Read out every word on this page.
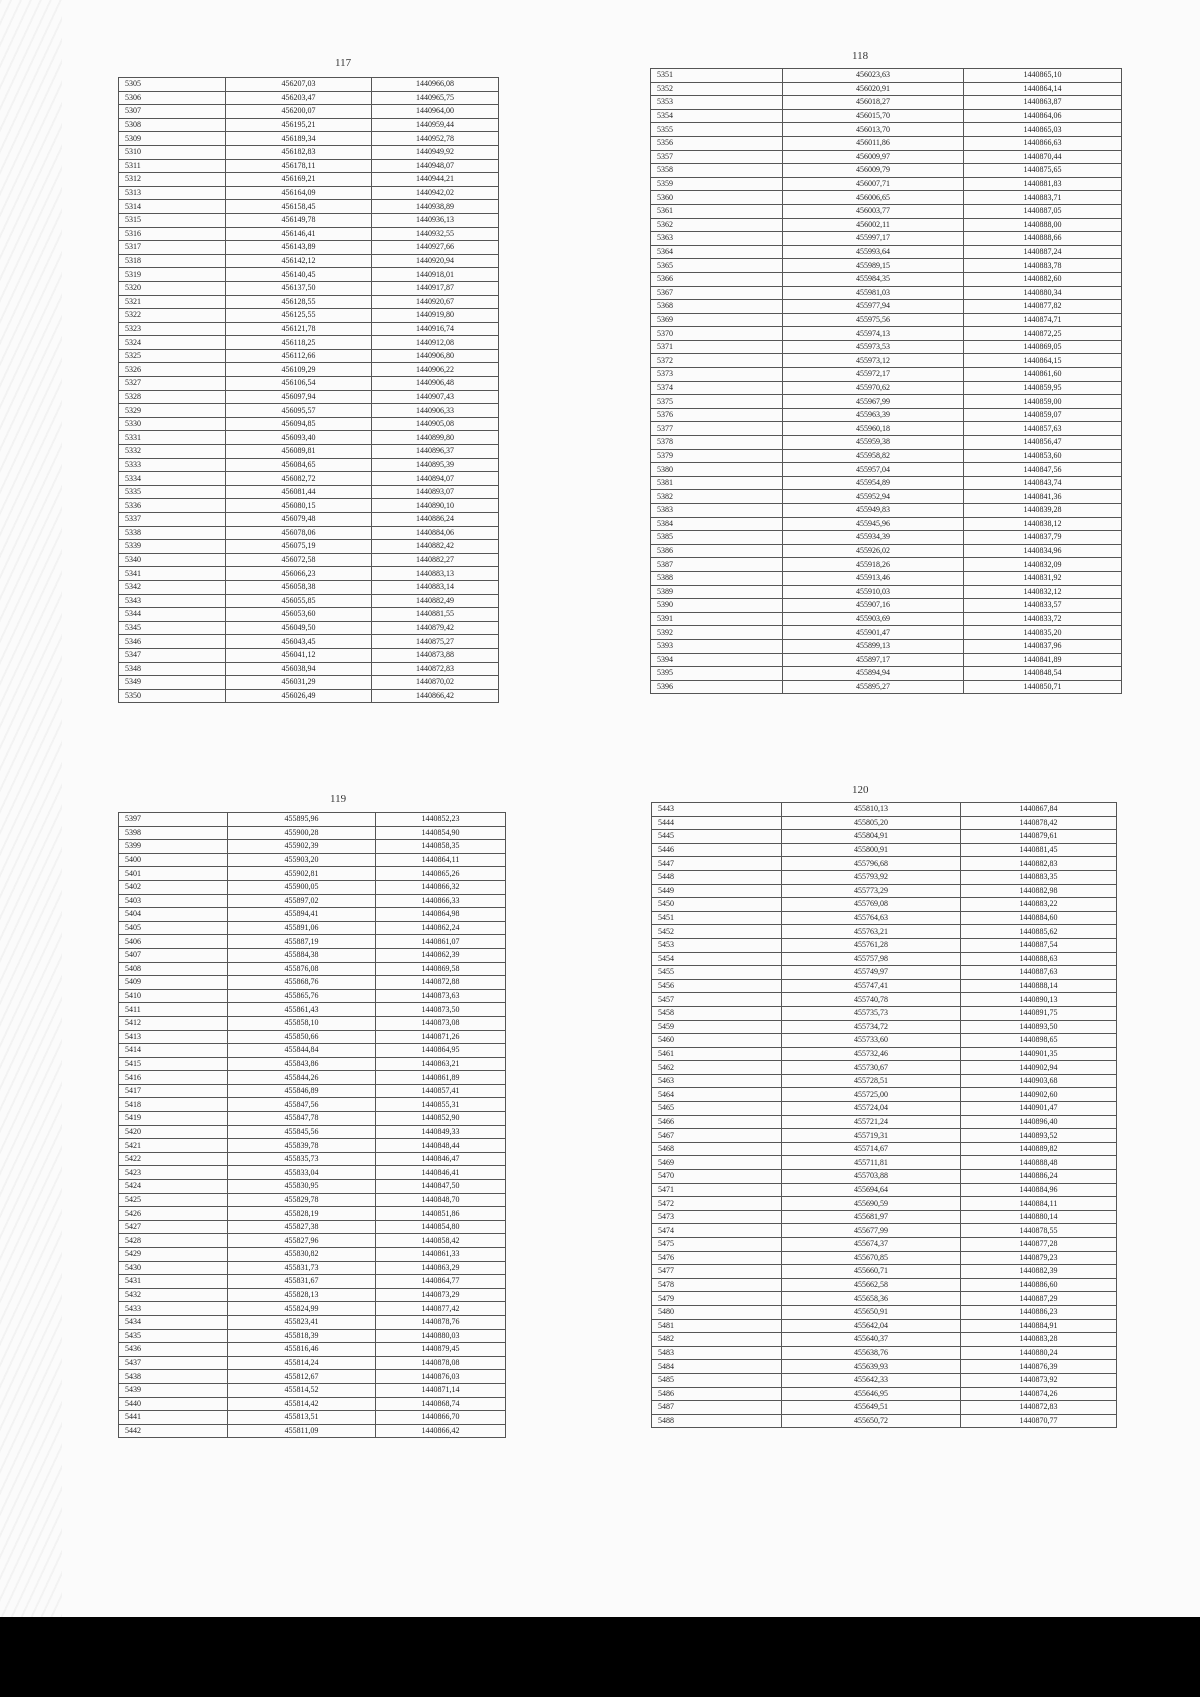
117
5305	456207,03	1440966,08
5306	456203,47	1440965,75
5307	456200,07	1440964,00
5308	456195,21	1440959,44
5309	456189,34	1440952,78
5310	456182,83	1440949,92
5311	456178,11	1440948,07
5312	456169,21	1440944,21
5313	456164,09	1440942,02
5314	456158,45	1440938,89
5315	456149,78	1440936,13
5316	456146,41	1440932,55
5317	456143,89	1440927,66
5318	456142,12	1440920,94
5319	456140,45	1440918,01
5320	456137,50	1440917,87
5321	456128,55	1440920,67
5322	456125,55	1440919,80
5323	456121,78	1440916,74
5324	456118,25	1440912,08
5325	456112,66	1440906,80
5326	456109,29	1440906,22
5327	456106,54	1440906,48
5328	456097,94	1440907,43
5329	456095,57	1440906,33
5330	456094,85	1440905,08
5331	456093,40	1440899,80
5332	456089,81	1440896,37
5333	456084,65	1440895,39
5334	456082,72	1440894,07
5335	456081,44	1440893,07
5336	456080,15	1440890,10
5337	456079,48	1440886,24
5338	456078,06	1440884,06
5339	456075,19	1440882,42
5340	456072,58	1440882,27
5341	456066,23	1440883,13
5342	456058,38	1440883,14
5343	456055,85	1440882,49
5344	456053,60	1440881,55
5345	456049,50	1440879,42
5346	456043,45	1440875,27
5347	456041,12	1440873,88
5348	456038,94	1440872,83
5349	456031,29	1440870,02
5350	456026,49	1440866,42
118
5351	456023,63	1440865,10
5352	456020,91	1440864,14
5353	456018,27	1440863,87
5354	456015,70	1440864,06
5355	456013,70	1440865,03
5356	456011,86	1440866,63
5357	456009,97	1440870,44
5358	456009,79	1440875,65
5359	456007,71	1440881,83
5360	456006,65	1440883,71
5361	456003,77	1440887,05
5362	456002,11	1440888,00
5363	455997,17	1440888,66
5364	455993,64	1440887,24
5365	455989,15	1440883,78
5366	455984,35	1440882,60
5367	455981,03	1440880,34
5368	455977,94	1440877,82
5369	455975,56	1440874,71
5370	455974,13	1440872,25
5371	455973,53	1440869,05
5372	455973,12	1440864,15
5373	455972,17	1440861,60
5374	455970,62	1440859,95
5375	455967,99	1440859,00
5376	455963,39	1440859,07
5377	455960,18	1440857,63
5378	455959,38	1440856,47
5379	455958,82	1440853,60
5380	455957,04	1440847,56
5381	455954,89	1440843,74
5382	455952,94	1440841,36
5383	455949,83	1440839,28
5384	455945,96	1440838,12
5385	455934,39	1440837,79
5386	455926,02	1440834,96
5387	455918,26	1440832,09
5388	455913,46	1440831,92
5389	455910,03	1440832,12
5390	455907,16	1440833,57
5391	455903,69	1440833,72
5392	455901,47	1440835,20
5393	455899,13	1440837,96
5394	455897,17	1440841,89
5395	455894,94	1440848,54
5396	455895,27	1440850,71
119
5397	455895,96	1440852,23
5398	455900,28	1440854,90
5399	455902,39	1440858,35
5400	455903,20	1440864,11
5401	455902,81	1440865,26
5402	455900,05	1440866,32
5403	455897,02	1440866,33
5404	455894,41	1440864,98
5405	455891,06	1440862,24
5406	455887,19	1440861,07
5407	455884,38	1440862,39
5408	455876,08	1440869,58
5409	455868,76	1440872,88
5410	455865,76	1440873,63
5411	455861,43	1440873,50
5412	455858,10	1440873,08
5413	455850,66	1440871,26
5414	455844,84	1440864,95
5415	455843,86	1440863,21
5416	455844,26	1440861,89
5417	455846,89	1440857,41
5418	455847,56	1440855,31
5419	455847,78	1440852,90
5420	455845,56	1440849,33
5421	455839,78	1440848,44
5422	455835,73	1440846,47
5423	455833,04	1440846,41
5424	455830,95	1440847,50
5425	455829,78	1440848,70
5426	455828,19	1440851,86
5427	455827,38	1440854,80
5428	455827,96	1440858,42
5429	455830,82	1440861,33
5430	455831,73	1440863,29
5431	455831,67	1440864,77
5432	455828,13	1440873,29
5433	455824,99	1440877,42
5434	455823,41	1440878,76
5435	455818,39	1440880,03
5436	455816,46	1440879,45
5437	455814,24	1440878,08
5438	455812,67	1440876,03
5439	455814,52	1440871,14
5440	455814,42	1440868,74
5441	455813,51	1440866,70
5442	455811,09	1440866,42
120
5443	455810,13	1440867,84
5444	455805,20	1440878,42
5445	455804,91	1440879,61
5446	455800,91	1440881,45
5447	455796,68	1440882,83
5448	455793,92	1440883,35
5449	455773,29	1440882,98
5450	455769,08	1440883,22
5451	455764,63	1440884,60
5452	455763,21	1440885,62
5453	455761,28	1440887,54
5454	455757,98	1440888,63
5455	455749,97	1440887,63
5456	455747,41	1440888,14
5457	455740,78	1440890,13
5458	455735,73	1440891,75
5459	455734,72	1440893,50
5460	455733,60	1440898,65
5461	455732,46	1440901,35
5462	455730,67	1440902,94
5463	455728,51	1440903,68
5464	455725,00	1440902,60
5465	455724,04	1440901,47
5466	455721,24	1440896,40
5467	455719,31	1440893,52
5468	455714,67	1440889,82
5469	455711,81	1440888,48
5470	455703,88	1440886,24
5471	455694,64	1440884,96
5472	455690,59	1440884,11
5473	455681,97	1440880,14
5474	455677,99	1440878,55
5475	455674,37	1440877,28
5476	455670,85	1440879,23
5477	455660,71	1440882,39
5478	455662,58	1440886,60
5479	455658,36	1440887,29
5480	455650,91	1440886,23
5481	455642,04	1440884,91
5482	455640,37	1440883,28
5483	455638,76	1440880,24
5484	455639,93	1440876,39
5485	455642,33	1440873,92
5486	455646,95	1440874,26
5487	455649,51	1440872,83
5488	455650,72	1440870,77
